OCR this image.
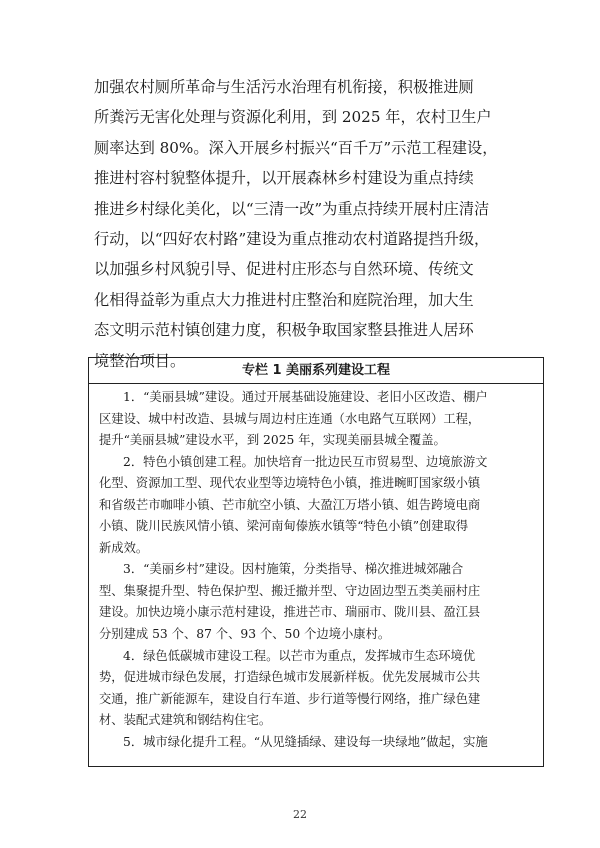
加强农村厕所革命与生活污水治理有机衔接，积极推进厕
所粪污无害化处理与资源化利用，到 2025 年，农村卫生户
厕率达到 80%。深入开展乡村振兴“百千万”示范工程建设，
推进村容村貌整体提升，以开展森林乡村建设为重点持续
推进乡村绿化美化，以“三清一改”为重点持续开展村庄清洁
行动，以“四好农村路”建设为重点推动农村道路提挡升级，
以加强乡村风貌引导、促进村庄形态与自然环境、传统文
化相得益彰为重点大力推进村庄整治和庭院治理，加大生
态文明示范村镇创建力度，积极争取国家整县推进人居环
境整治项目。
专栏 1 美丽系列建设工程
1．“美丽县城”建设。通过开展基础设施建设、老旧小区改造、棚户
区建设、城中村改造、县城与周边村庄连通（水电路气互联网）工程，
提升“美丽县城”建设水平，到 2025 年，实现美丽县城全覆盖。
2．特色小镇创建工程。加快培育一批边民互市贸易型、边境旅游文
化型、资源加工型、现代农业型等边境特色小镇，推进畹町国家级小镇
和省级芒市咖啡小镇、芒市航空小镇、大盈江万塔小镇、姐告跨境电商
小镇、陇川民族风情小镇、梁河南甸傣族水镇等“特色小镇”创建取得
新成效。
3．“美丽乡村”建设。因村施策，分类指导、梯次推进城郊融合
型、集聚提升型、特色保护型、搬迁撤并型、守边固边型五类美丽村庄
建设。加快边境小康示范村建设，推进芒市、瑞丽市、陇川县、盈江县
分别建成 53 个、87 个、93 个、50 个边境小康村。
4．绿色低碳城市建设工程。以芒市为重点，发挥城市生态环境优
势，促进城市绿色发展，打造绿色城市发展新样板。优先发展城市公共
交通，推广新能源车，建设自行车道、步行道等慢行网络，推广绿色建
材、装配式建筑和钢结构住宅。
5．城市绿化提升工程。“从见缝插绿、建设每一块绿地”做起，实施
22
